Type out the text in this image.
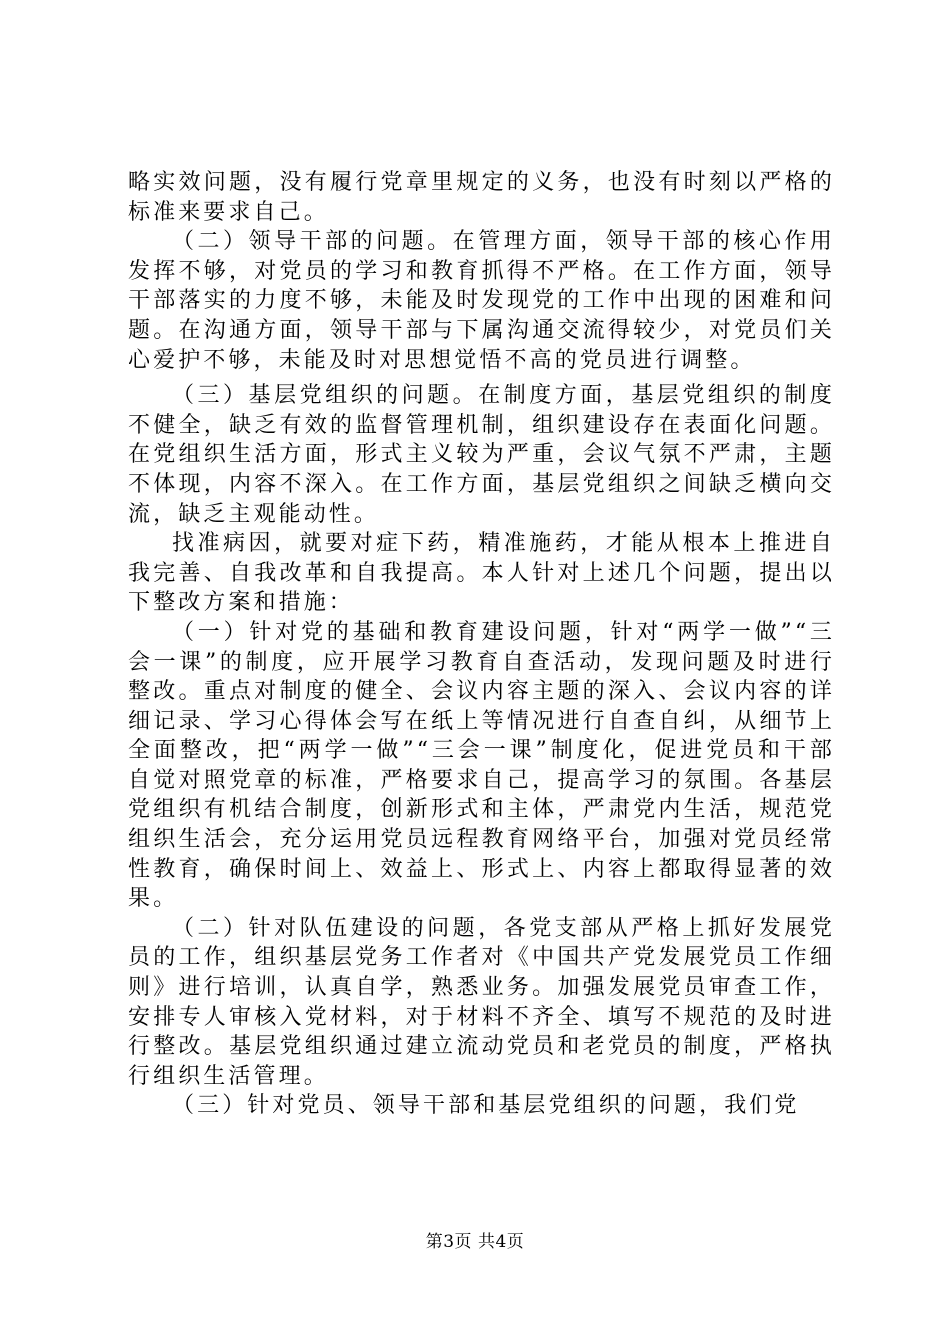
略实效问题，没有履行党章里规定的义务，也没有时刻以严格的标准来要求自己。

（二）领导干部的问题。在管理方面，领导干部的核心作用发挥不够，对党员的学习和教育抓得不严格。在工作方面，领导干部落实的力度不够，未能及时发现党的工作中出现的困难和问题。在沟通方面，领导干部与下属沟通交流得较少，对党员们关心爱护不够，未能及时对思想觉悟不高的党员进行调整。

（三）基层党组织的问题。在制度方面，基层党组织的制度不健全，缺乏有效的监督管理机制，组织建设存在表面化问题。在党组织生活方面，形式主义较为严重，会议气氛不严肃，主题不体现，内容不深入。在工作方面，基层党组织之间缺乏横向交流，缺乏主观能动性。

找准病因，就要对症下药，精准施药，才能从根本上推进自我完善、自我改革和自我提高。本人针对上述几个问题，提出以下整改方案和措施：

（一）针对党的基础和教育建设问题，针对“两学一做”“三会一课”的制度，应开展学习教育自查活动，发现问题及时进行整改。重点对制度的健全、会议内容主题的深入、会议内容的详细记录、学习心得体会写在纸上等情况进行自查自纠，从细节上全面整改，把“两学一做”“三会一课”制度化，促进党员和干部自觉对照党章的标准，严格要求自己，提高学习的氛围。各基层党组织有机结合制度，创新形式和主体，严肃党内生活，规范党组织生活会，充分运用党员远程教育网络平台，加强对党员经常性教育，确保时间上、效益上、形式上、内容上都取得显著的效果。

（二）针对队伍建设的问题，各党支部从严格上抓好发展党员的工作，组织基层党务工作者对《中国共产党发展党员工作细则》进行培训，认真自学，熟悉业务。加强发展党员审查工作，安排专人审核入党材料，对于材料不齐全、填写不规范的及时进行整改。基层党组织通过建立流动党员和老党员的制度，严格执行组织生活管理。

（三）针对党员、领导干部和基层党组织的问题，我们党

第3页 共4页
